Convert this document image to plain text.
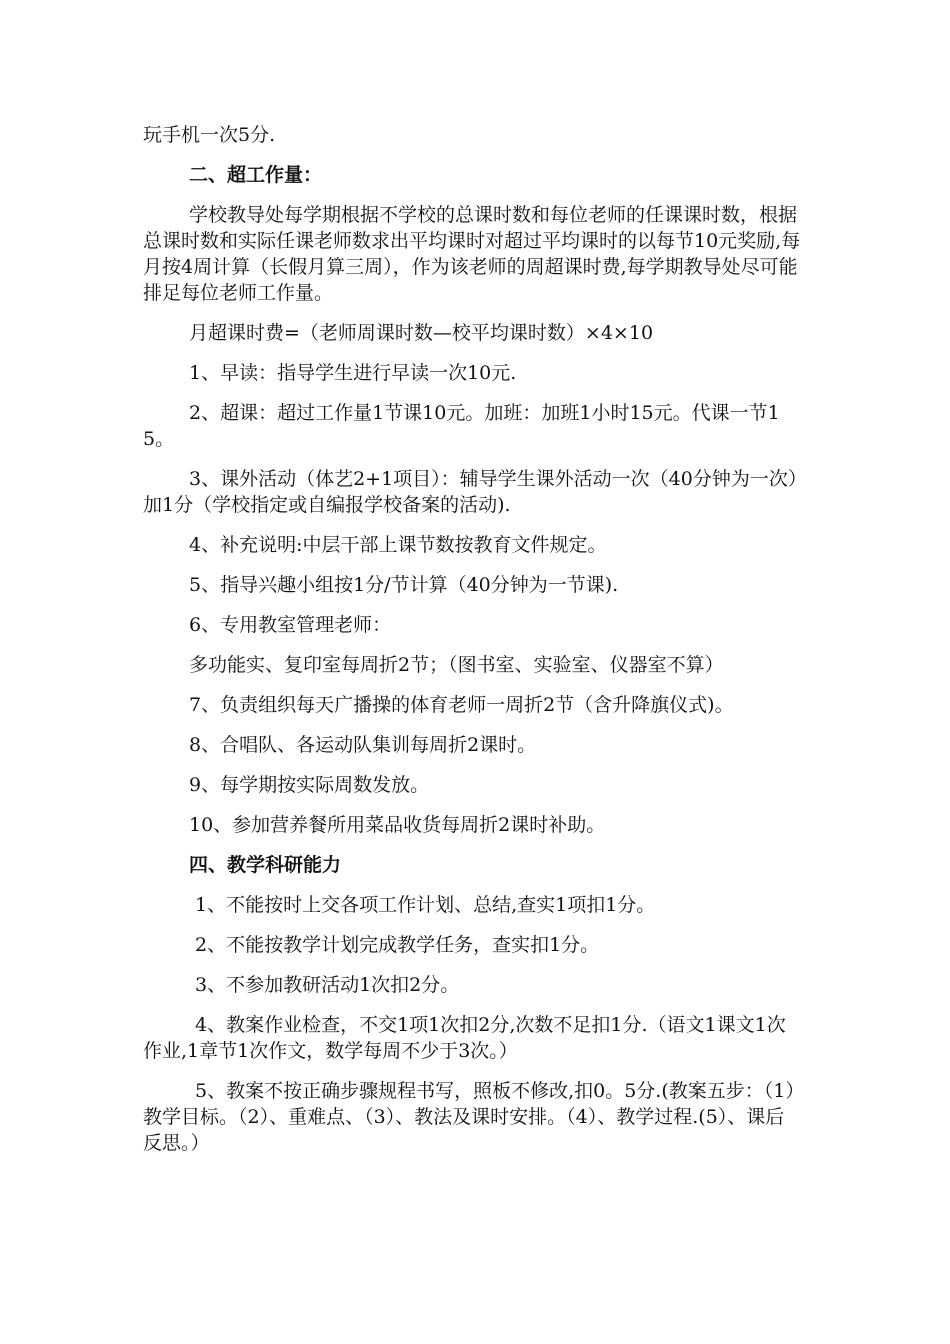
玩手机一次5分.

二、超工作量：

学校教导处每学期根据不学校的总课时数和每位老师的任课课时数，根据总课时数和实际任课老师数求出平均课时对超过平均课时的以每节10元奖励,每月按4周计算（长假月算三周），作为该老师的周超课时费,每学期教导处尽可能排足每位老师工作量。

月超课时费=（老师周课时数—校平均课时数）×4×10

1、早读：指导学生进行早读一次10元.

2、超课：超过工作量1节课10元。加班：加班1小时15元。代课一节15。

3、课外活动（体艺2+1项目）：辅导学生课外活动一次（40分钟为一次）加1分（学校指定或自编报学校备案的活动).

4、补充说明:中层干部上课节数按教育文件规定。

5、指导兴趣小组按1分/节计算（40分钟为一节课).

6、专用教室管理老师：

多功能实、复印室每周折2节；（图书室、实验室、仪器室不算）

7、负责组织每天广播操的体育老师一周折2节（含升降旗仪式)。

8、合唱队、各运动队集训每周折2课时。

9、每学期按实际周数发放。

10、参加营养餐所用菜品收货每周折2课时补助。

四、教学科研能力

1、不能按时上交各项工作计划、总结,查实1项扣1分。

2、不能按教学计划完成教学任务，查实扣1分。

3、不参加教研活动1次扣2分。

4、教案作业检查，不交1项1次扣2分,次数不足扣1分.（语文1课文1次作业,1章节1次作文，数学每周不少于3次。）

5、教案不按正确步骤规程书写，照板不修改,扣0。5分.(教案五步：（1）教学目标。（2）、重难点、（3）、教法及课时安排。（4）、教学过程.(5）、课后反思。）
